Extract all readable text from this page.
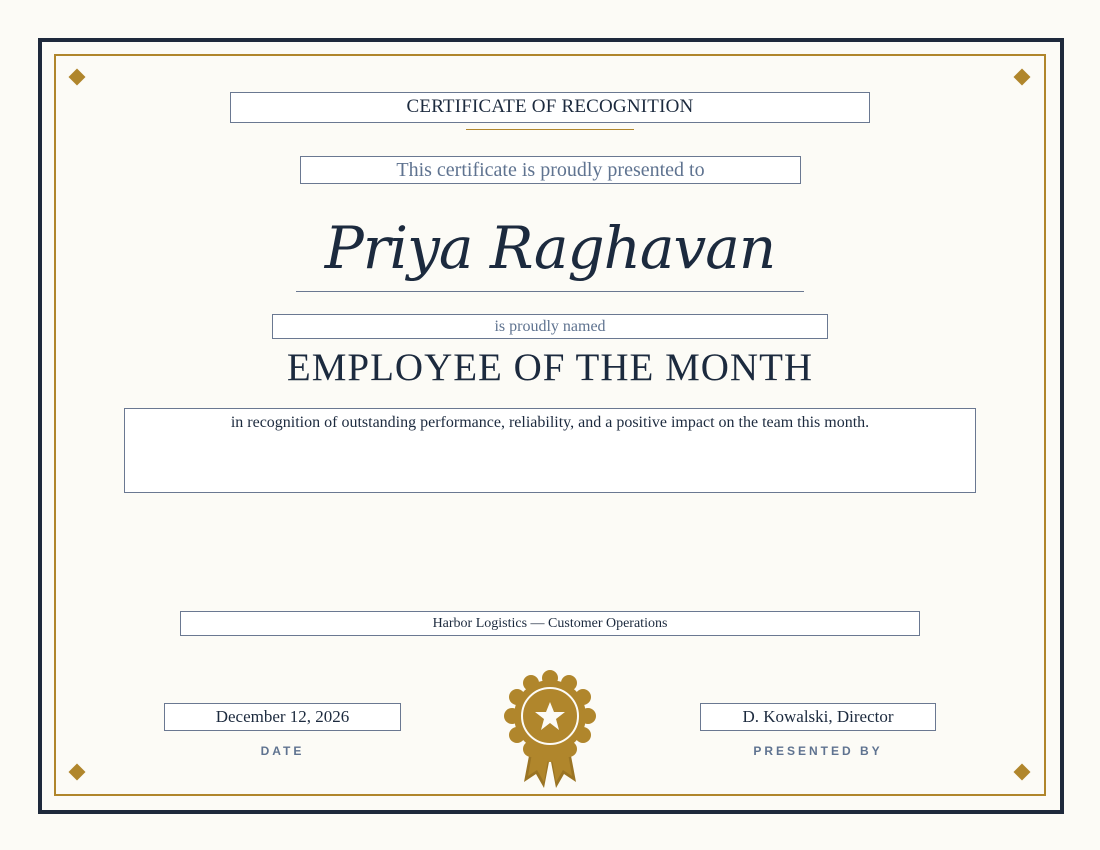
CERTIFICATE OF RECOGNITION
This certificate is proudly presented to
Priya Raghavan
is proudly named
EMPLOYEE OF THE MONTH
in recognition of outstanding performance, reliability, and a positive impact on the team this month.
Harbor Logistics — Customer Operations
December 12, 2026
DATE
D. Kowalski, Director
PRESENTED BY
